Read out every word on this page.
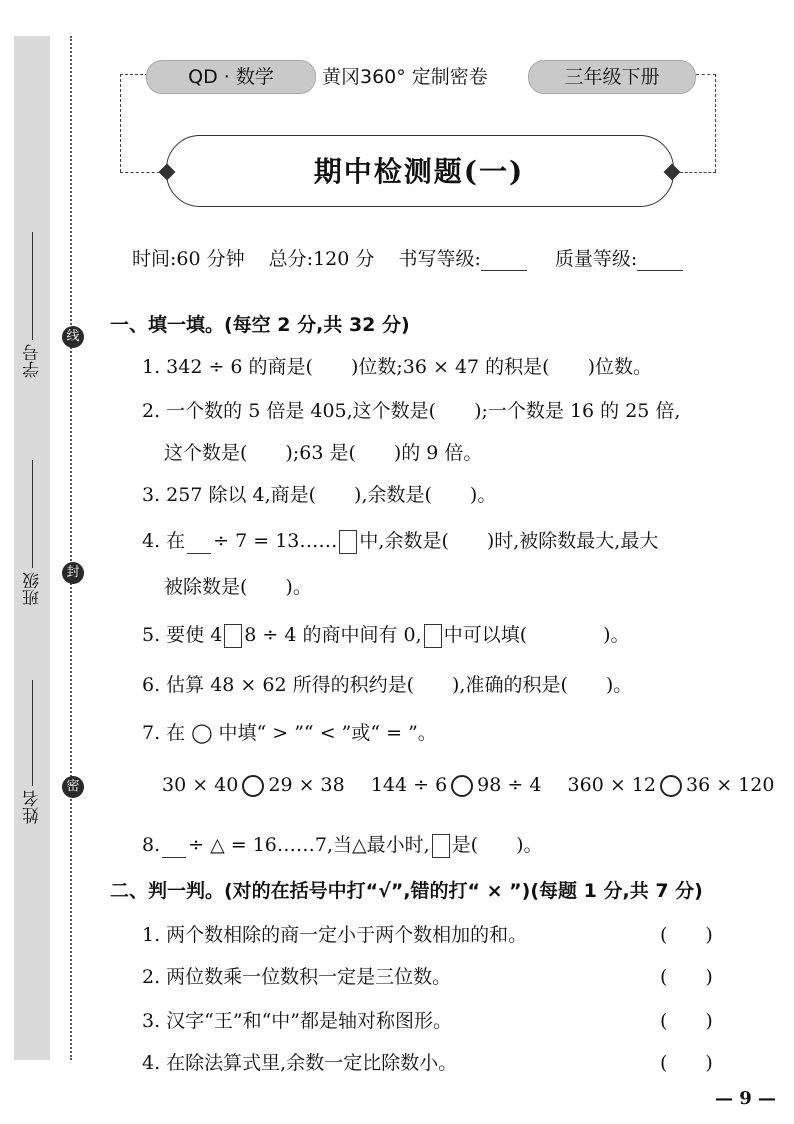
线
封
密
学号
班级
姓名
QD · 数学	黄冈360° 定制密卷	三年级下册
期中检测题(一)
时间:60 分钟 总分:120 分 书写等级:	质量等级:
一、填一填。(每空 2 分,共 32 分)
1. 342 ÷ 6 的商是(　　)位数;36 × 47 的积是(　　)位数。
2. 一个数的 5 倍是 405,这个数是(　　);一个数是 16 的 25 倍,
这个数是(　　);63 是(　　)的 9 倍。
3. 257 除以 4,商是(　　),余数是(　　)。
4. 在 ÷ 7 = 13…… 中,余数是(　　)时,被除数最大,最大
被除数是(　　)。
5. 要使 4 8 ÷ 4 的商中间有 0, 中可以填(　　　　)。
6. 估算 48 × 62 所得的积约是(　　),准确的积是(　　)。
7. 在 ◯ 中填“ > ”“ < ”或“ = ”。
30 × 40 29 × 38 144 ÷ 6 98 ÷ 4 360 × 12 36 × 120
8. ÷ △ = 16……7,当△最小时, 是(　　)。
二、判一判。(对的在括号中打“√”,错的打“ × ”)(每题 1 分,共 7 分)
1. 两个数相除的商一定小于两个数相加的和。	(　　)
2. 两位数乘一位数积一定是三位数。	(　　)
3. 汉字“王”和“中”都是轴对称图形。	(　　)
4. 在除法算式里,余数一定比除数小。	(　　)
— 9 —
